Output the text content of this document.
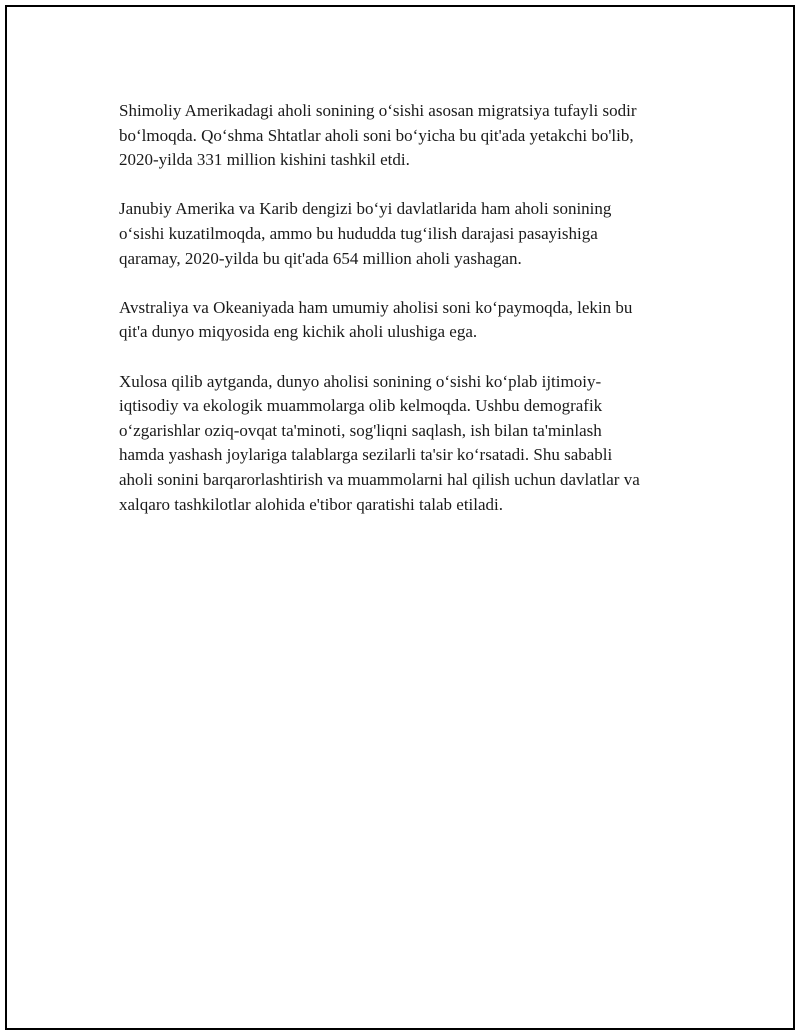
Shimoliy Amerikadagi aholi sonining oʻsishi asosan migratsiya tufayli sodir
boʻlmoqda. Qoʻshma Shtatlar aholi soni boʻyicha bu qit'ada yetakchi bo'lib,
2020-yilda 331 million kishini tashkil etdi.

Janubiy Amerika va Karib dengizi boʻyi davlatlarida ham aholi sonining
oʻsishi kuzatilmoqda, ammo bu hududda tugʻilish darajasi pasayishiga
qaramay, 2020-yilda bu qit'ada 654 million aholi yashagan.

Avstraliya va Okeaniyada ham umumiy aholisi soni koʻpaymoqda, lekin bu
qit'a dunyo miqyosida eng kichik aholi ulushiga ega.

Xulosa qilib aytganda, dunyo aholisi sonining oʻsishi koʻplab ijtimoiy-
iqtisodiy va ekologik muammolarga olib kelmoqda. Ushbu demografik
oʻzgarishlar oziq-ovqat ta'minoti, sog'liqni saqlash, ish bilan ta'minlash
hamda yashash joylariga talablarga sezilarli ta'sir koʻrsatadi. Shu sababli
aholi sonini barqarorlashtirish va muammolarni hal qilish uchun davlatlar va
xalqaro tashkilotlar alohida e'tibor qaratishi talab etiladi.
